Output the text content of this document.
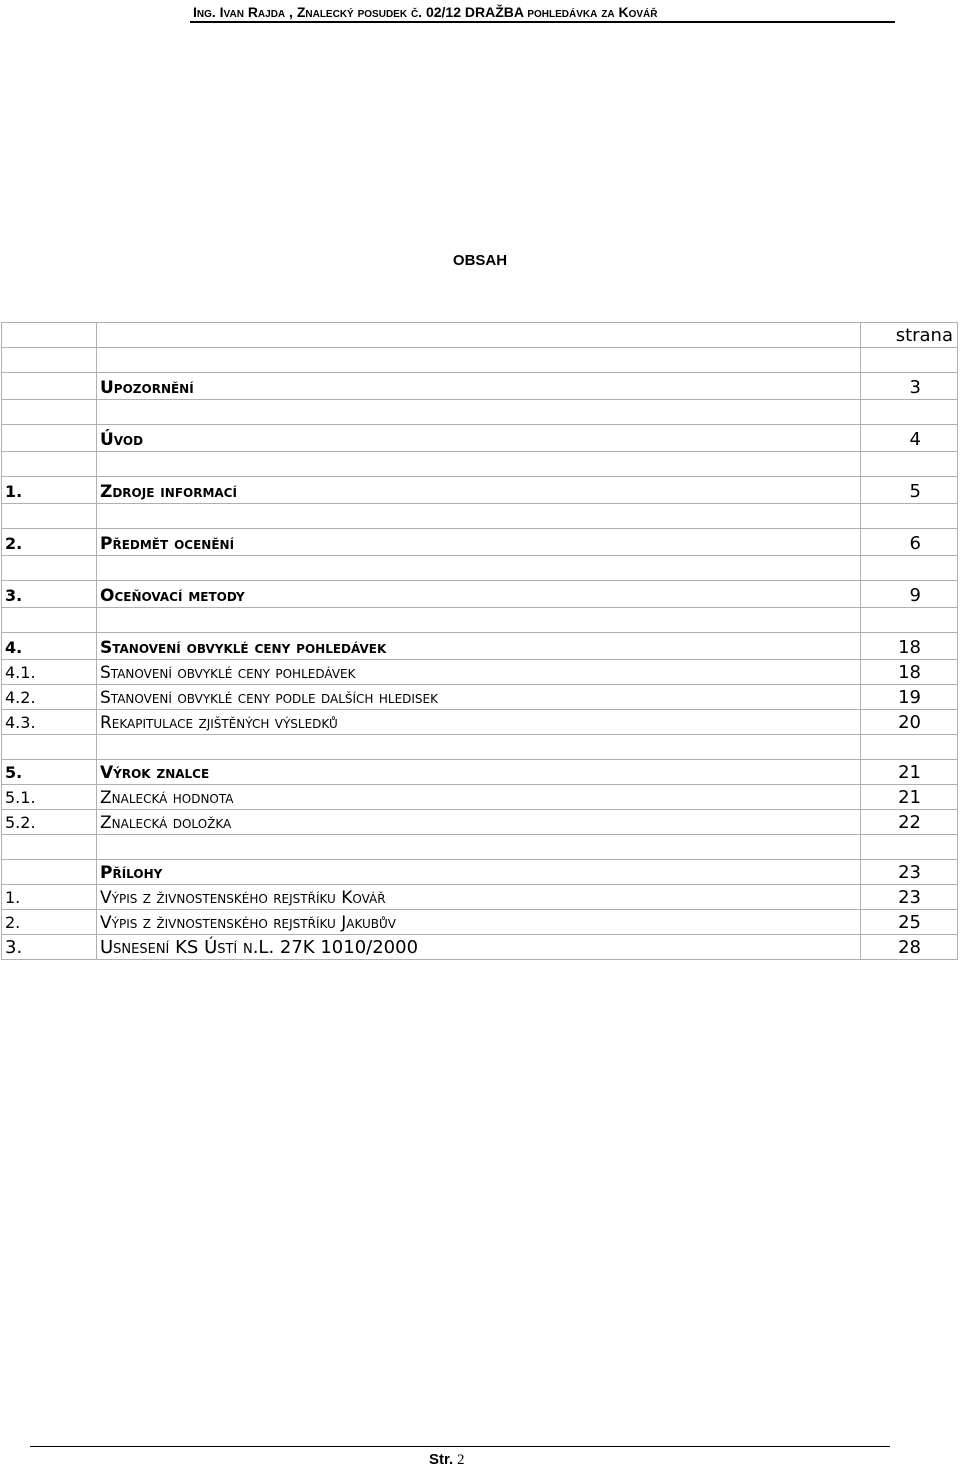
Ing. Ivan Rajda , Znalecký posudek č. 02/12 DRAŽBA pohledávka za Kovář
OBSAH
		strana

	Upozornění	3

	Úvod	4

1.	Zdroje informací	5

2.	Předmět ocenění	6

3.	Oceňovací metody	9

4.	Stanovení obvyklé ceny pohledávek	18
4.1.	Stanovení obvyklé ceny pohledávek	18
4.2.	Stanovení obvyklé ceny podle dalších hledisek	19
4.3.	Rekapitulace zjištěných výsledků	20

5.	Výrok znalce	21
5.1.	Znalecká hodnota	21
5.2.	Znalecká doložka	22

	Přílohy	23
1.	Výpis z živnostenského rejstříku Kovář	23
2.	Výpis z živnostenského rejstříku Jakubův	25
3.	Usnesení KS Ústí n.L. 27K 1010/2000	28
Str. 2
